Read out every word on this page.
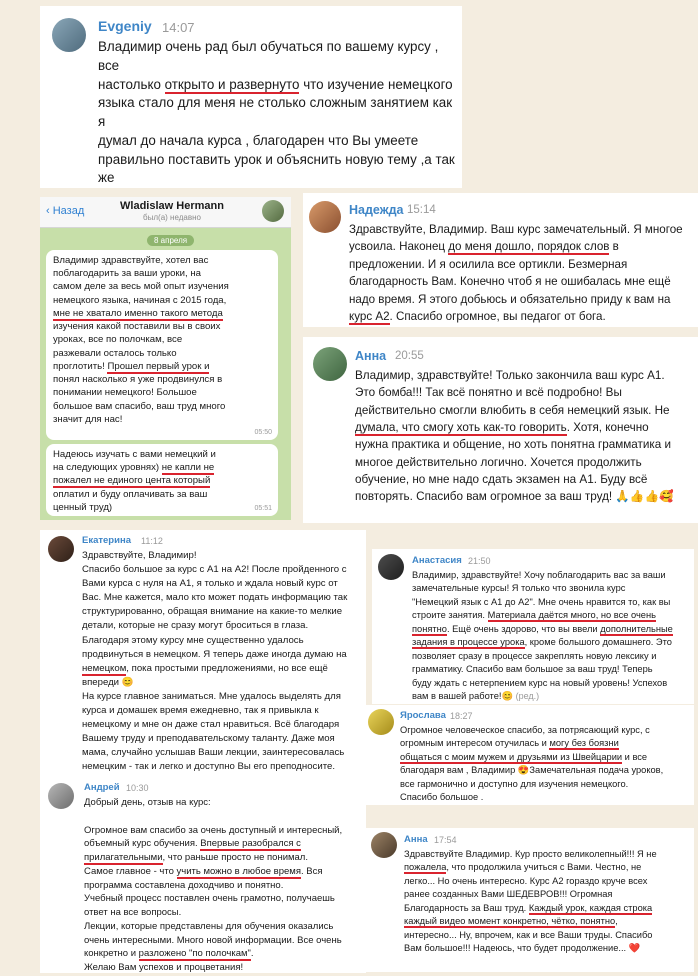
Evgeniy 14:07
Владимир очень рад был обучаться по вашему курсу , все
настолько открыто и развернуто что изучение немецкого
языка стало для меня не столько сложным занятием как я
думал до начала курса , благодарен что Вы умеете
правильно поставить урок и объяснить новую тему ,а так же
‹ Назад	Wladislaw Hermann
был(а) недавно
8 апреля
Владимир здравствуйте, хотел вас
поблагодарить за ваши уроки, на
самом деле за весь мой опыт изучения
немецкого языка, начиная с 2015 года,
мне не хватало именно такого метода
изучения какой поставили вы в своих
уроках, все по полочкам, все
разжевали осталось только
проглотить! Прошел первый урок и
понял насколько я уже продвинулся в
понимании немецкого! Большое
большое вам спасибо, ваш труд много
значит для нас!
05:50
Надеюсь изучать с вами немецкий и
на следующих уровнях) не капли не
пожалел не единого цента который
оплатил и буду оплачивать за ваш
ценный труд)	05:51
Надежда 15:14
Здравствуйте, Владимир. Ваш курс замечательный. Я многое
усвоила. Наконец до меня дошло, порядок слов в
предложении. И я осилила все ортикли. Безмерная
благодарность Вам. Конечно чтоб я не ошибалась мне ещё
надо время. Я этого добьюсь и обязательно приду к вам на
курс А2. Спасибо огромное, вы педагог от бога.
Анна 20:55
Владимир, здравствуйте! Только закончила ваш курс А1.
Это бомба!!! Так всё понятно и всё подробно! Вы
действительно смогли влюбить в себя немецкий язык. Не
думала, что смогу хоть как-то говорить. Хотя, конечно
нужна практика и общение, но хоть понятна грамматика и
многое действительно логично. Хочется продолжить
обучение, но мне надо сдать экзамен на А1. Буду всё
повторять. Спасибо вам огромное за ваш труд! 🙏👍👍🥰
Екатерина 11:12
Здравствуйте, Владимир!
Спасибо большое за курс с А1 на А2! После пройденного с
Вами курса с нуля на А1, я только и ждала новый курс от
Вас. Мне кажется, мало кто может подать информацию так
структурированно, обращая внимание на какие-то мелкие
детали, которые не сразу могут броситься в глаза.
Благодаря этому курсу мне существенно удалось
продвинуться в немецком. Я теперь даже иногда думаю на
немецком, пока простыми предложениями, но все ещё
впереди 😊
На курсе главное заниматься. Мне удалось выделять для
курса и домашек время ежедневно, так я привыкла к
немецкому и мне он даже стал нравиться. Всё благодаря
Вашему труду и преподавательскому таланту. Даже моя
мама, случайно услышав Ваши лекции, заинтересовалась
немецким - так и легко и доступно Вы его преподносите.
Анастасия 21:50
Владимир, здравствуйте! Хочу поблагодарить вас за ваши
замечательные курсы! Я только что звонила курс
"Немецкий язык с А1 до А2". Мне очень нравится то, как вы
строите занятия. Материала даётся много, но все очень
понятно. Ещё очень здорово, что вы ввели дополнительные
задания в процессе урока, кроме большого домашнего. Это
позволяет сразу в процессе закреплять новую лексику и
грамматику. Спасибо вам большое за ваш труд! Теперь
буду ждать с нетерпением курс на новый уровень! Успехов
вам в вашей работе!😊 (ред.)
Ярослава 18:27
Огромное человеческое спасибо, за потрясающий курс, с
огромным интересом отучилась и могу без боязни
общаться с моим мужем и друзьями из Швейцарии и все
благодаря вам , Владимир 😍Замечательная подача уроков,
все гармонично и доступно для изучения немецкого.
Спасибо большое .
Андрей 10:30
Добрый день, отзыв на курс:

Огромное вам спасибо за очень доступный и интересный,
объемный курс обучения. Впервые разобрался с
прилагательными, что раньше просто не понимал.
Самое главное - что учить можно в любое время. Вся
программа составлена доходчиво и понятно.
Учебный процесс поставлен очень грамотно, получаешь
ответ на все вопросы.
Лекции, которые представлены для обучения оказались
очень интересными. Много новой информации. Все очень
конкретно и разложено "по полочкам".
Желаю Вам успехов и процветания!
Анна 17:54
Здравствуйте Владимир. Кур просто великолепный!!! Я не
пожалела, что продолжила учиться с Вами. Честно, не
легко... Но очень интересно. Курс А2 гораздо круче всех
ранее созданных Вами ШЕДЕВРОВ!!! Огромная
Благодарность за Ваш труд. Каждый урок, каждая строка
каждый видео момент конкретно, чётко, понятно,
интересно... Ну, впрочем, как и все Ваши труды. Спасибо
Вам большое!!! Надеюсь, что будет продолжение... ❤️
